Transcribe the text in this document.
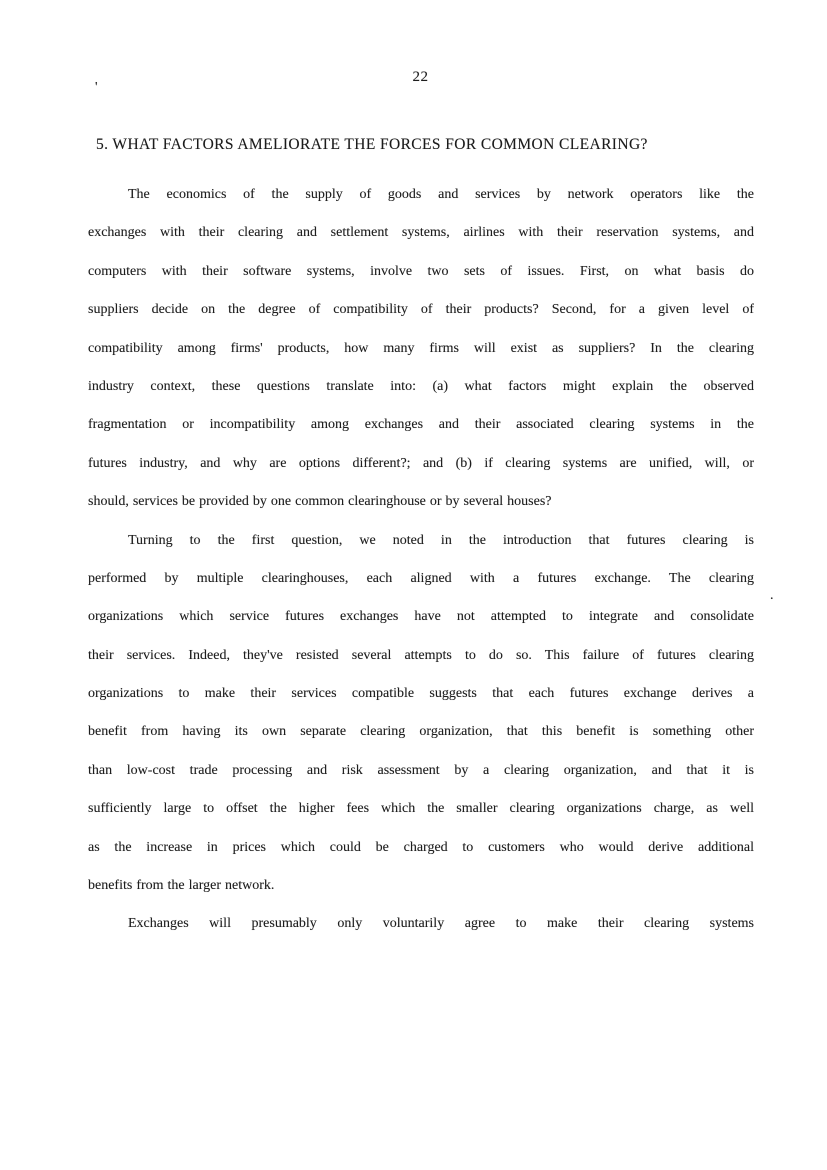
22
'
5. WHAT FACTORS AMELIORATE THE FORCES FOR COMMON CLEARING?
The economics of the supply of goods and services by network operators like the
exchanges with their clearing and settlement systems, airlines with their reservation systems, and
computers with their software systems, involve two sets of issues. First, on what basis do
suppliers decide on the degree of compatibility of their products? Second, for a given level of
compatibility among firms' products, how many firms will exist as suppliers? In the clearing
industry context, these questions translate into: (a) what factors might explain the observed
fragmentation or incompatibility among exchanges and their associated clearing systems in the
futures industry, and why are options different?; and (b) if clearing systems are unified, will, or
should, services be provided by one common clearinghouse or by several houses?
Turning to the first question, we noted in the introduction that futures clearing is
performed by multiple clearinghouses, each aligned with a futures exchange. The clearing
organizations which service futures exchanges have not attempted to integrate and consolidate
their services. Indeed, they've resisted several attempts to do so. This failure of futures clearing
organizations to make their services compatible suggests that each futures exchange derives a
benefit from having its own separate clearing organization, that this benefit is something other
than low-cost trade processing and risk assessment by a clearing organization, and that it is
sufficiently large to offset the higher fees which the smaller clearing organizations charge, as well
as the increase in prices which could be charged to customers who would derive additional
benefits from the larger network.
Exchanges will presumably only voluntarily agree to make their clearing systems
.
